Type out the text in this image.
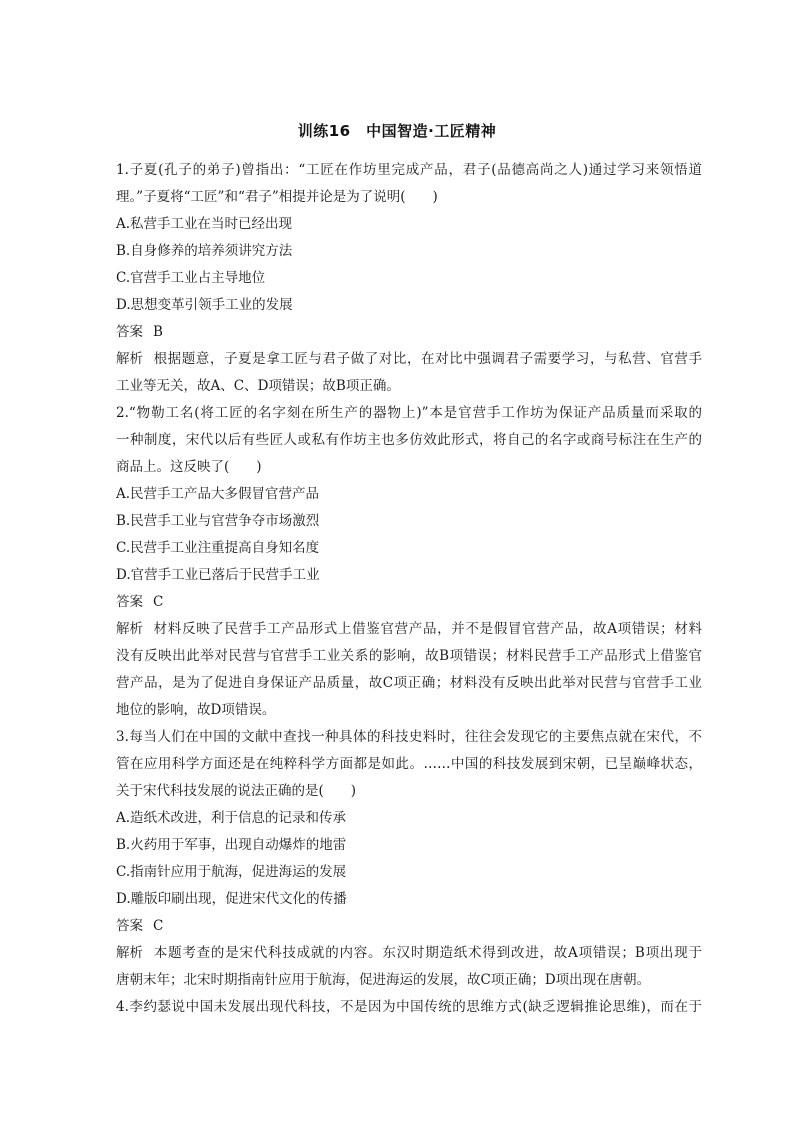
训练16　中国智造·工匠精神

1.子夏(孔子的弟子)曾指出：“工匠在作坊里完成产品，君子(品德高尚之人)通过学习来领悟道

理。”子夏将“工匠”和“君子”相提并论是为了说明(　　)

A.私营手工业在当时已经出现

B.自身修养的培养须讲究方法

C.官营手工业占主导地位

D.思想变革引领手工业的发展

答案 B

解析 根据题意，子夏是拿工匠与君子做了对比，在对比中强调君子需要学习，与私营、官营手

工业等无关，故A、C、D项错误；故B项正确。

2.“物勒工名(将工匠的名字刻在所生产的器物上)”本是官营手工作坊为保证产品质量而采取的

一种制度，宋代以后有些匠人或私有作坊主也多仿效此形式，将自己的名字或商号标注在生产的

商品上。这反映了(　　)

A.民营手工产品大多假冒官营产品

B.民营手工业与官营争夺市场激烈

C.民营手工业注重提高自身知名度

D.官营手工业已落后于民营手工业

答案 C

解析 材料反映了民营手工产品形式上借鉴官营产品，并不是假冒官营产品，故A项错误；材料

没有反映出此举对民营与官营手工业关系的影响，故B项错误；材料民营手工产品形式上借鉴官

营产品，是为了促进自身保证产品质量，故C项正确；材料没有反映出此举对民营与官营手工业

地位的影响，故D项错误。

3.每当人们在中国的文献中查找一种具体的科技史料时，往往会发现它的主要焦点就在宋代，不

管在应用科学方面还是在纯粹科学方面都是如此。……中国的科技发展到宋朝，已呈巅峰状态，

关于宋代科技发展的说法正确的是(　　)

A.造纸术改进，利于信息的记录和传承

B.火药用于军事，出现自动爆炸的地雷

C.指南针应用于航海，促进海运的发展

D.雕版印刷出现，促进宋代文化的传播

答案 C

解析 本题考查的是宋代科技成就的内容。东汉时期造纸术得到改进，故A项错误；B项出现于

唐朝末年；北宋时期指南针应用于航海，促进海运的发展，故C项正确；D项出现在唐朝。

4.李约瑟说中国未发展出现代科技，不是因为中国传统的思维方式(缺乏逻辑推论思维)，而在于
